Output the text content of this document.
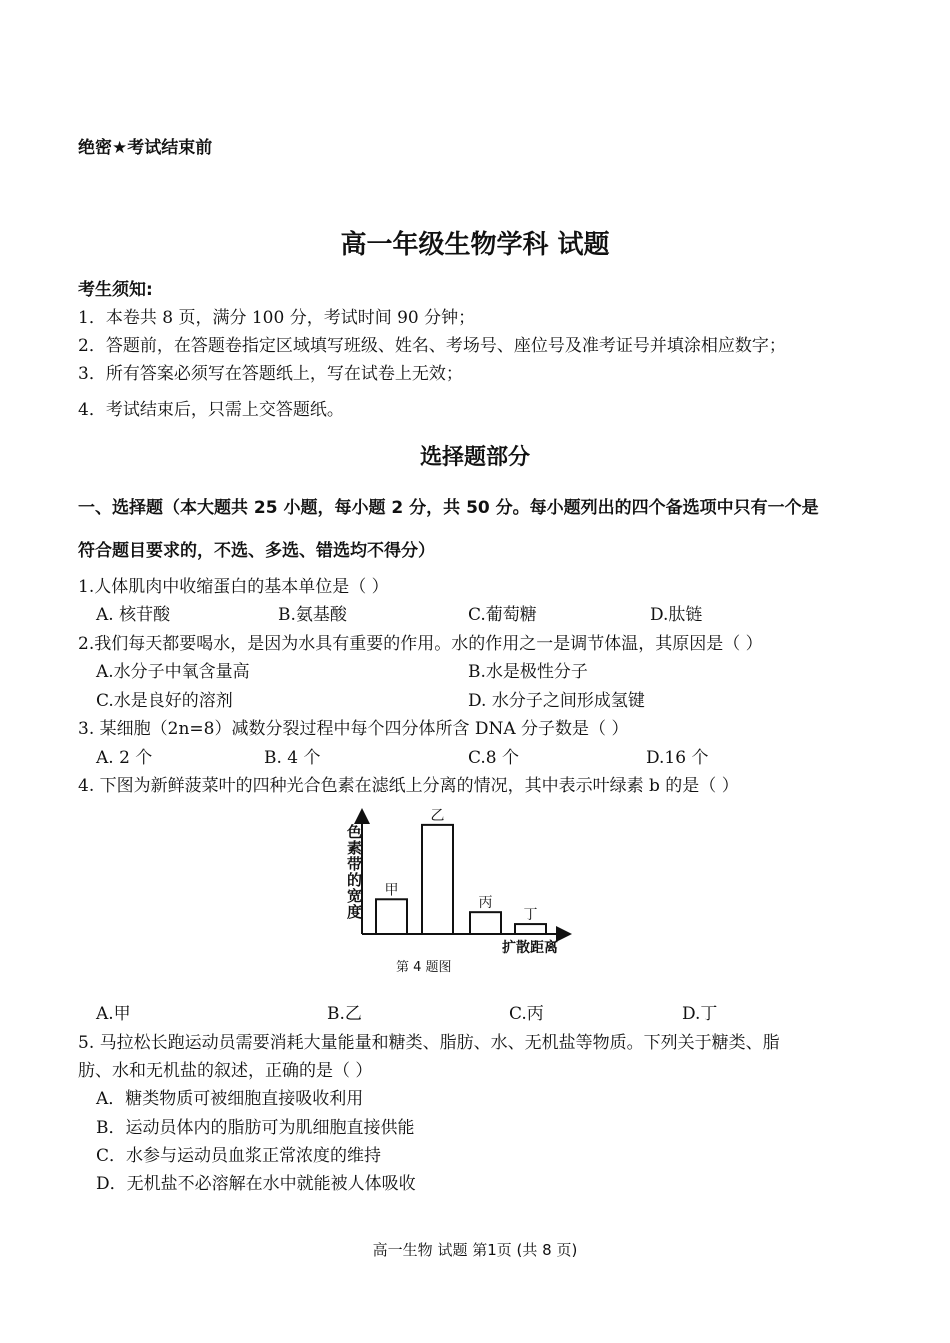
绝密★考试结束前
高一年级生物学科 试题
考生须知:
1．本卷共 8 页，满分 100 分，考试时间 90 分钟；
2．答题前，在答题卷指定区域填写班级、姓名、考场号、座位号及准考证号并填涂相应数字；
3．所有答案必须写在答题纸上，写在试卷上无效；
4．考试结束后，只需上交答题纸。
选择题部分
一、选择题（本大题共 25 小题，每小题 2 分，共 50 分。每小题列出的四个备选项中只有一个是
符合题目要求的，不选、多选、错选均不得分）
1.人体肌肉中收缩蛋白的基本单位是（ ）
A. 核苷酸	B.氨基酸	C.葡萄糖	D.肽链
2.我们每天都要喝水，是因为水具有重要的作用。水的作用之一是调节体温，其原因是（ ）
A.水分子中氧含量高	B.水是极性分子
C.水是良好的溶剂	D. 水分子之间形成氢键
3. 某细胞（2n=8）减数分裂过程中每个四分体所含 DNA 分子数是（ ）
A. 2 个	B. 4 个	C.8 个	D.16 个
4. 下图为新鲜菠菜叶的四种光合色素在滤纸上分离的情况，其中表示叶绿素 b 的是（ ）
甲
乙
丙
丁
色素带的宽度
扩散距离
第 4 题图
A.甲	B.乙	C.丙	D.丁
5. 马拉松长跑运动员需要消耗大量能量和糖类、脂肪、水、无机盐等物质。下列关于糖类、脂
肪、水和无机盐的叙述，正确的是（ ）
A．糖类物质可被细胞直接吸收利用
B．运动员体内的脂肪可为肌细胞直接供能
C．水参与运动员血浆正常浓度的维持
D．无机盐不必溶解在水中就能被人体吸收
高一生物 试题 第1页 (共 8 页)
